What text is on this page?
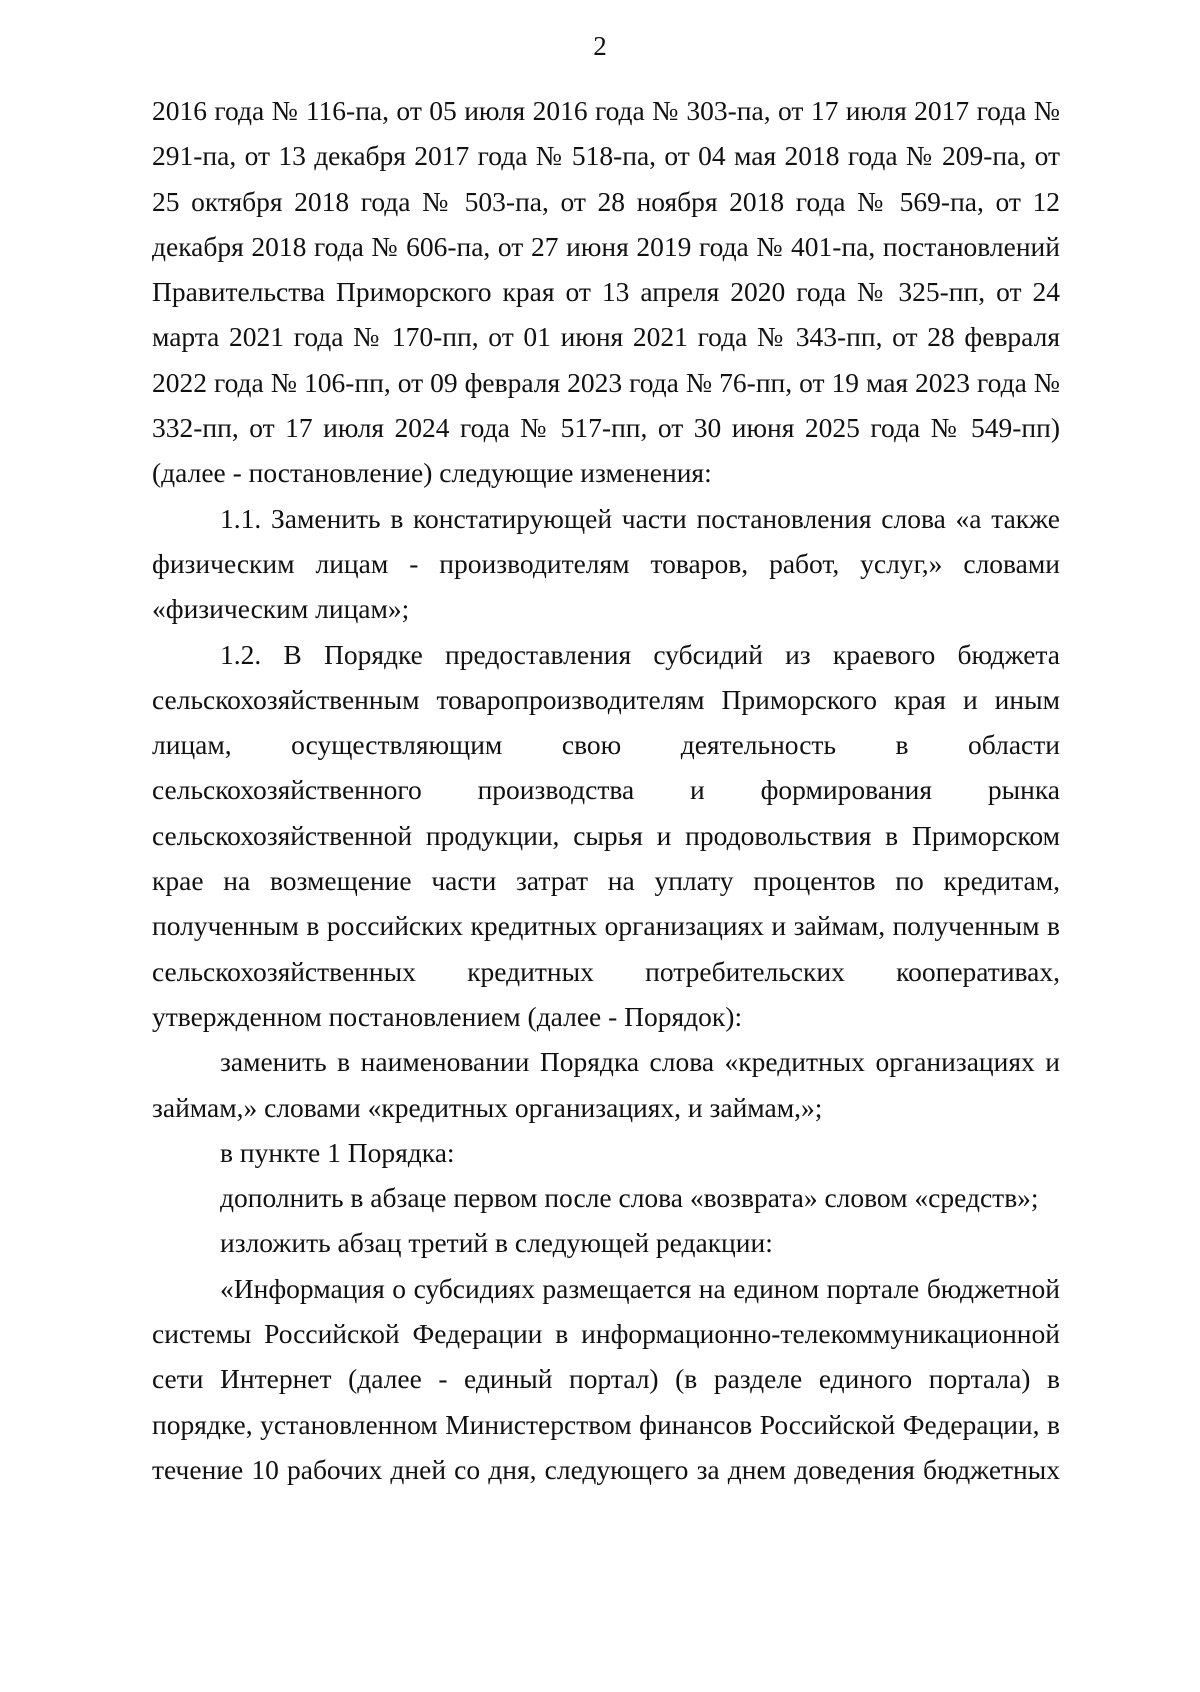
2

2016 года № 116-па, от 05 июля 2016 года № 303-па, от 17 июля 2017 года № 291-па, от 13 декабря 2017 года № 518-па, от 04 мая 2018 года № 209-па, от 25 октября 2018 года № 503-па, от 28 ноября 2018 года № 569-па, от 12 декабря 2018 года № 606-па, от 27 июня 2019 года № 401-па, постановлений Правительства Приморского края от 13 апреля 2020 года № 325-пп, от 24 марта 2021 года № 170-пп, от 01 июня 2021 года № 343-пп, от 28 февраля 2022 года № 106-пп, от 09 февраля 2023 года № 76-пп, от 19 мая 2023 года № 332-пп, от 17 июля 2024 года № 517-пп, от 30 июня 2025 года № 549-пп) (далее - постановление) следующие изменения:

1.1. Заменить в констатирующей части постановления слова «а также физическим лицам - производителям товаров, работ, услуг,» словами «физическим лицам»;

1.2. В Порядке предоставления субсидий из краевого бюджета сельскохозяйственным товаропроизводителям Приморского края и иным лицам, осуществляющим свою деятельность в области сельскохозяйственного производства и формирования рынка сельскохозяйственной продукции, сырья и продовольствия в Приморском крае на возмещение части затрат на уплату процентов по кредитам, полученным в российских кредитных организациях и займам, полученным в сельскохозяйственных кредитных потребительских кооперативах, утвержденном постановлением (далее - Порядок):

заменить в наименовании Порядка слова «кредитных организациях и займам,» словами «кредитных организациях, и займам,»;

в пункте 1 Порядка:

дополнить в абзаце первом после слова «возврата» словом «средств»;

изложить абзац третий в следующей редакции:

«Информация о субсидиях размещается на едином портале бюджетной системы Российской Федерации в информационно-телекоммуникационной сети Интернет (далее - единый портал) (в разделе единого портала) в порядке, установленном Министерством финансов Российской Федерации, в течение 10 рабочих дней со дня, следующего за днем доведения бюджетных
